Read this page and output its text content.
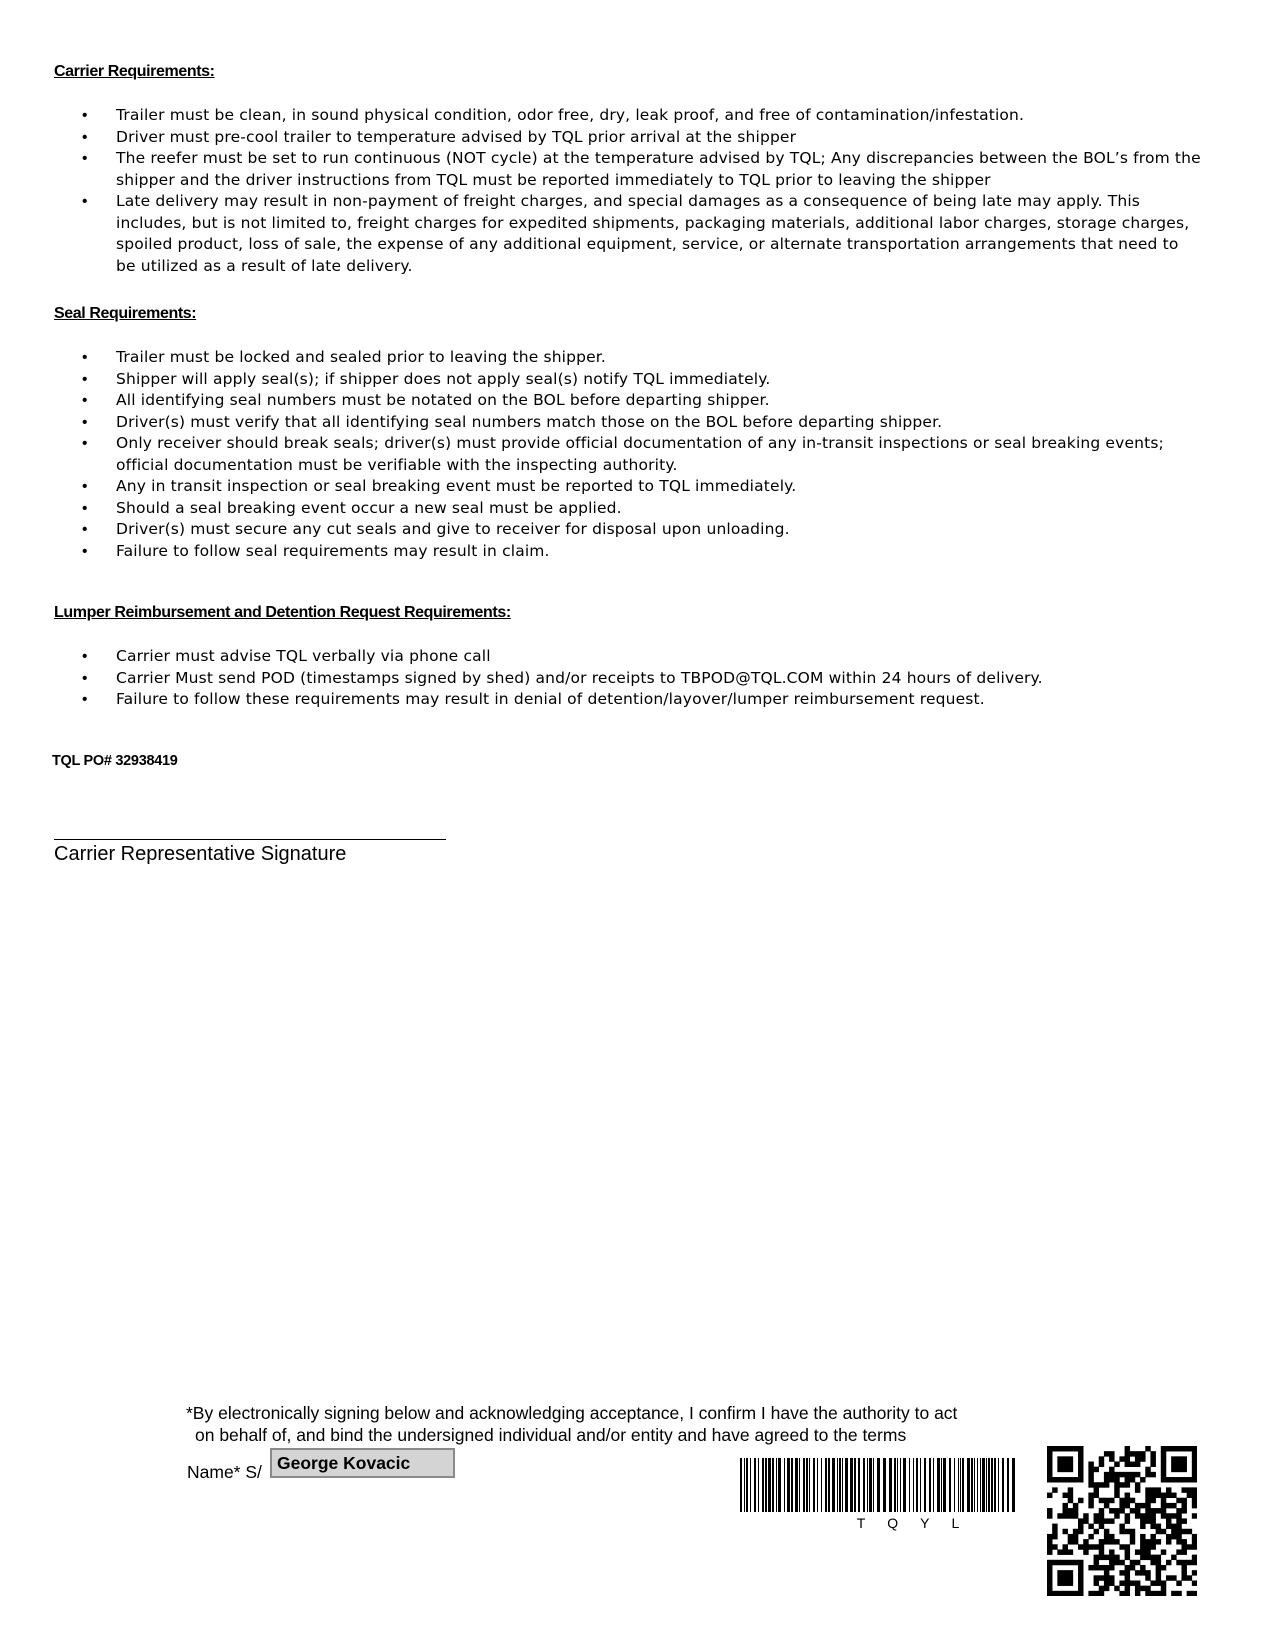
Carrier Requirements:
• Trailer must be clean, in sound physical condition, odor free, dry, leak proof, and free of contamination/infestation.
• Driver must pre-cool trailer to temperature advised by TQL prior arrival at the shipper
• The reefer must be set to run continuous (NOT cycle) at the temperature advised by TQL; Any discrepancies between the BOL’s from the shipper and the driver instructions from TQL must be reported immediately to TQL prior to leaving the shipper
• Late delivery may result in non-payment of freight charges, and special damages as a consequence of being late may apply. This includes, but is not limited to, freight charges for expedited shipments, packaging materials, additional labor charges, storage charges, spoiled product, loss of sale, the expense of any additional equipment, service, or alternate transportation arrangements that need to be utilized as a result of late delivery.
Seal Requirements:
• Trailer must be locked and sealed prior to leaving the shipper.
• Shipper will apply seal(s); if shipper does not apply seal(s) notify TQL immediately.
• All identifying seal numbers must be notated on the BOL before departing shipper.
• Driver(s) must verify that all identifying seal numbers match those on the BOL before departing shipper.
• Only receiver should break seals; driver(s) must provide official documentation of any in-transit inspections or seal breaking events; official documentation must be verifiable with the inspecting authority.
• Any in transit inspection or seal breaking event must be reported to TQL immediately.
• Should a seal breaking event occur a new seal must be applied.
• Driver(s) must secure any cut seals and give to receiver for disposal upon unloading.
• Failure to follow seal requirements may result in claim.
Lumper Reimbursement and Detention Request Requirements:
• Carrier must advise TQL verbally via phone call
• Carrier Must send POD (timestamps signed by shed) and/or receipts to TBPOD@TQL.COM within 24 hours of delivery.
• Failure to follow these requirements may result in denial of detention/layover/lumper reimbursement request.

TQL PO# 32938419

Carrier Representative Signature

*By electronically signing below and acknowledging acceptance, I confirm I have the authority to act
on behalf of, and bind the undersigned individual and/or entity and have agreed to the terms

Name* S/ George Kovacic

TQYL
